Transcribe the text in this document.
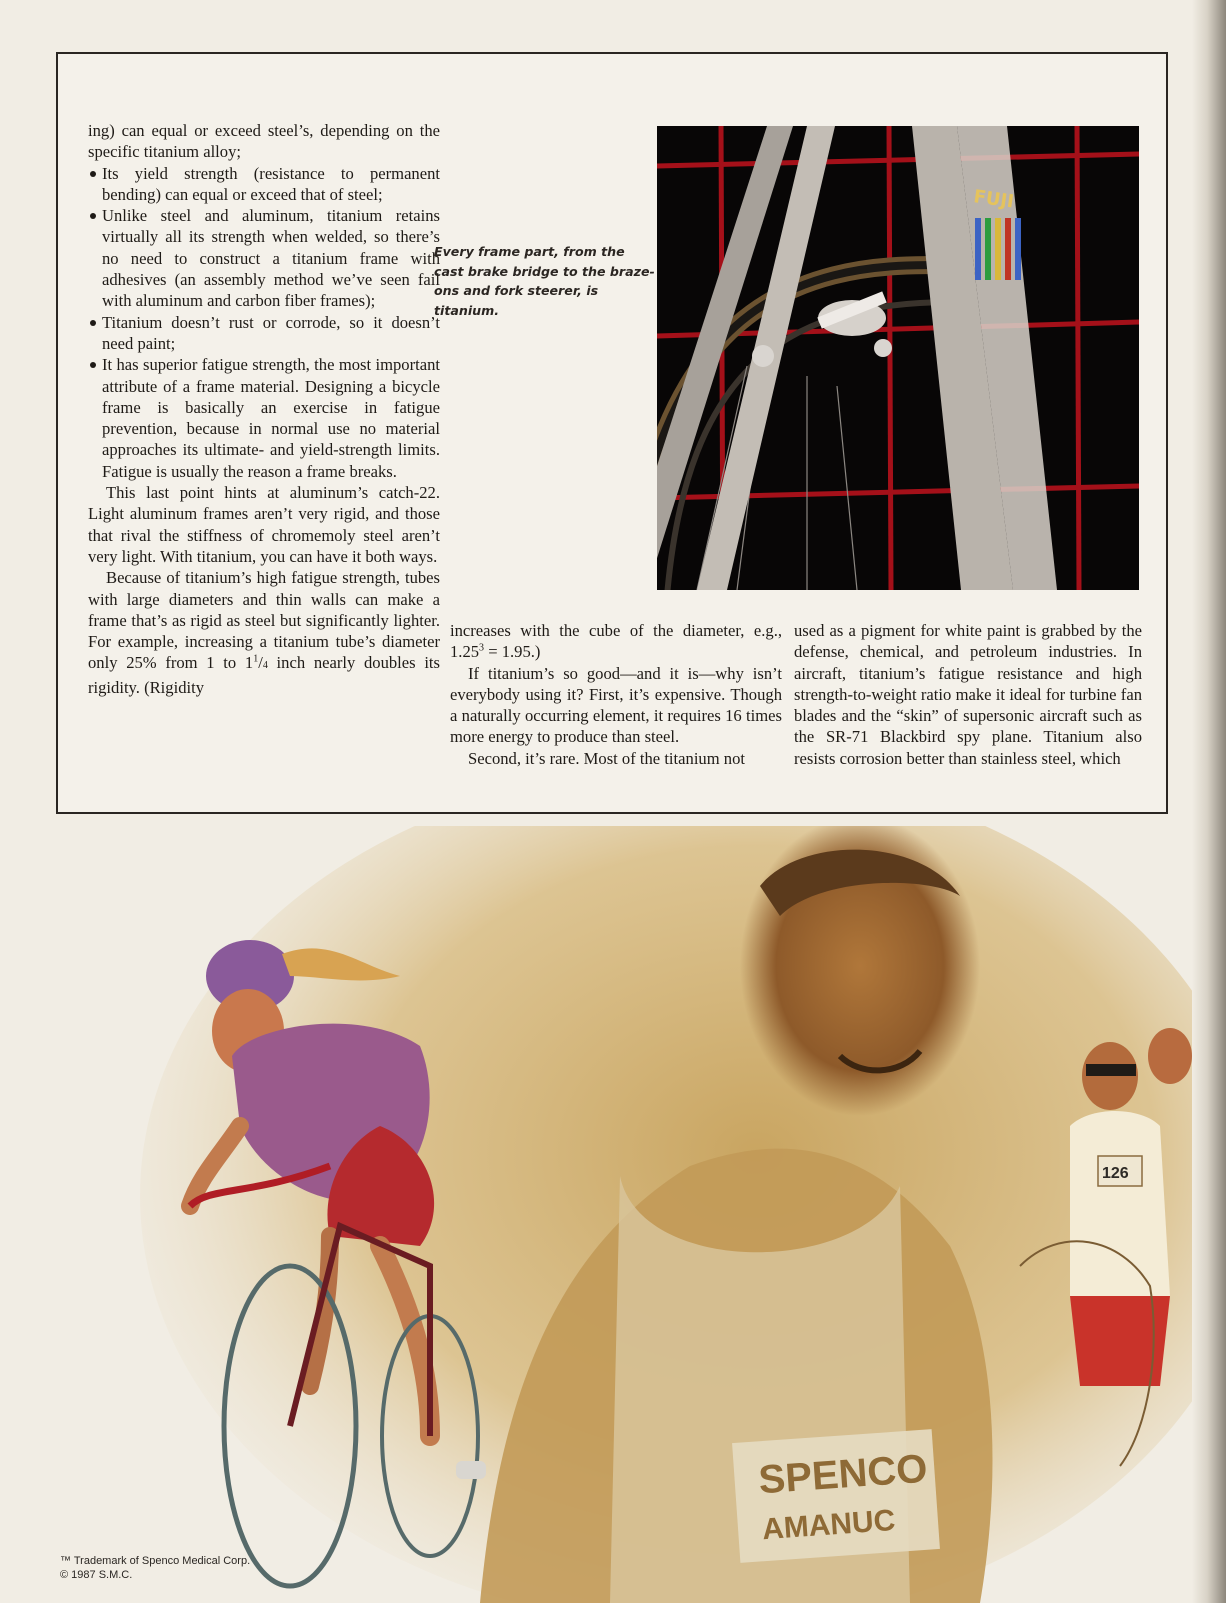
ing) can equal or exceed steel’s, depending on the specific titanium alloy;

Its yield strength (resistance to permanent bending) can equal or exceed that of steel;
Unlike steel and aluminum, titanium retains virtually all its strength when welded, so there’s no need to construct a titanium frame with adhesives (an assembly method we’ve seen fail with aluminum and carbon fiber frames);
Titanium doesn’t rust or corrode, so it doesn’t need paint;
It has superior fatigue strength, the most important attribute of a frame material. Designing a bicycle frame is basically an exercise in fatigue prevention, because in normal use no material approaches its ultimate- and yield-strength limits. Fatigue is usually the reason a frame breaks.

This last point hints at aluminum’s catch-22. Light aluminum frames aren’t very rigid, and those that rival the stiffness of chromemoly steel aren’t very light. With titanium, you can have it both ways.

Because of titanium’s high fatigue strength, tubes with large diameters and thin walls can make a frame that’s as rigid as steel but significantly lighter. For example, increasing a titanium tube’s diameter only 25% from 1 to $1^1/4$ inch nearly doubles its rigidity. (Rigidity

Every frame part, from the cast brake bridge to the braze-ons and fork steerer, is titanium.
FUJI

increases with the cube of the diameter, e.g., $1.25^3 = 1.95$.)

If titanium’s so good—and it is—why isn’t everybody using it? First, it’s expensive. Though a naturally occurring element, it requires 16 times more energy to produce than steel.

Second, it’s rare. Most of the titanium not

used as a pigment for white paint is grabbed by the defense, chemical, and petroleum industries. In aircraft, titanium’s fatigue resistance and high strength-to-weight ratio make it ideal for turbine fan blades and the “skin” of supersonic aircraft such as the SR-71 Blackbird spy plane. Titanium also resists corrosion better than stainless steel, which

SPENCO
AMANUC
126
™ Trademark of Spenco Medical Corp.
© 1987 S.M.C.
